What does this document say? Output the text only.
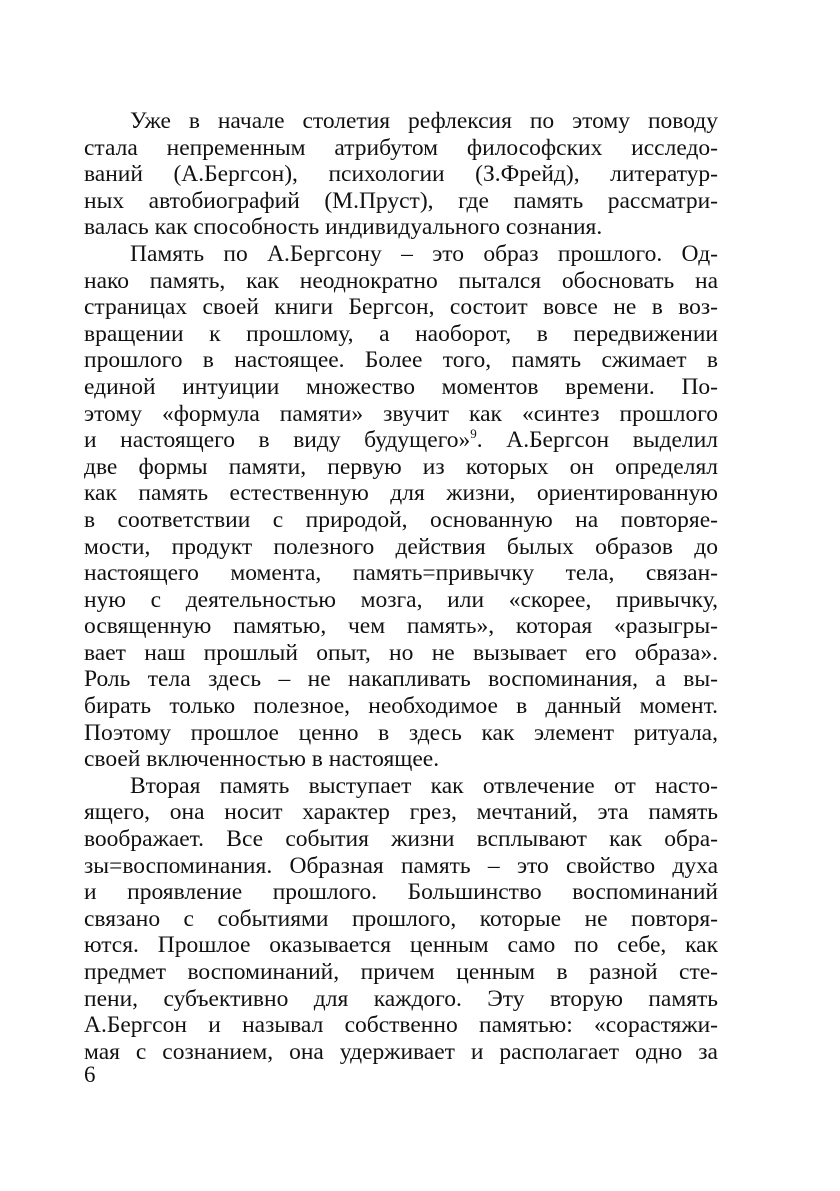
Уже в начале столетия рефлексия по этому поводу
стала непременным атрибутом философских исследо-
ваний (А.Бергсон), психологии (З.Фрейд), литератур-
ных автобиографий (М.Пруст), где память рассматри-
валась как способность индивидуального сознания.
Память по А.Бергсону – это образ прошлого. Од-
нако память, как неоднократно пытался обосновать на
страницах своей книги Бергсон, состоит вовсе не в воз-
вращении к прошлому, а наоборот, в передвижении
прошлого в настоящее. Более того, память сжимает в
единой интуиции множество моментов времени. По-
этому «формула памяти» звучит как «синтез прошлого
и настоящего в виду будущего»$^9$. А.Бергсон выделил
две формы памяти, первую из которых он определял
как память естественную для жизни, ориентированную
в соответствии с природой, основанную на повторяе-
мости, продукт полезного действия былых образов до
настоящего момента, память=привычку тела, связан-
ную с деятельностью мозга, или «скорее, привычку,
освященную памятью, чем память», которая «разыгры-
вает наш прошлый опыт, но не вызывает его образа».
Роль тела здесь – не накапливать воспоминания, а вы-
бирать только полезное, необходимое в данный момент.
Поэтому прошлое ценно в здесь как элемент ритуала,
своей включенностью в настоящее.
Вторая память выступает как отвлечение от насто-
ящего, она носит характер грез, мечтаний, эта память
воображает. Все события жизни всплывают как обра-
зы=воспоминания. Образная память – это свойство духа
и проявление прошлого. Большинство воспоминаний
связано с событиями прошлого, которые не повторя-
ются. Прошлое оказывается ценным само по себе, как
предмет воспоминаний, причем ценным в разной сте-
пени, субъективно для каждого. Эту вторую память
А.Бергсон и называл собственно памятью: «сорастяжи-
мая с сознанием, она удерживает и располагает одно за
6
